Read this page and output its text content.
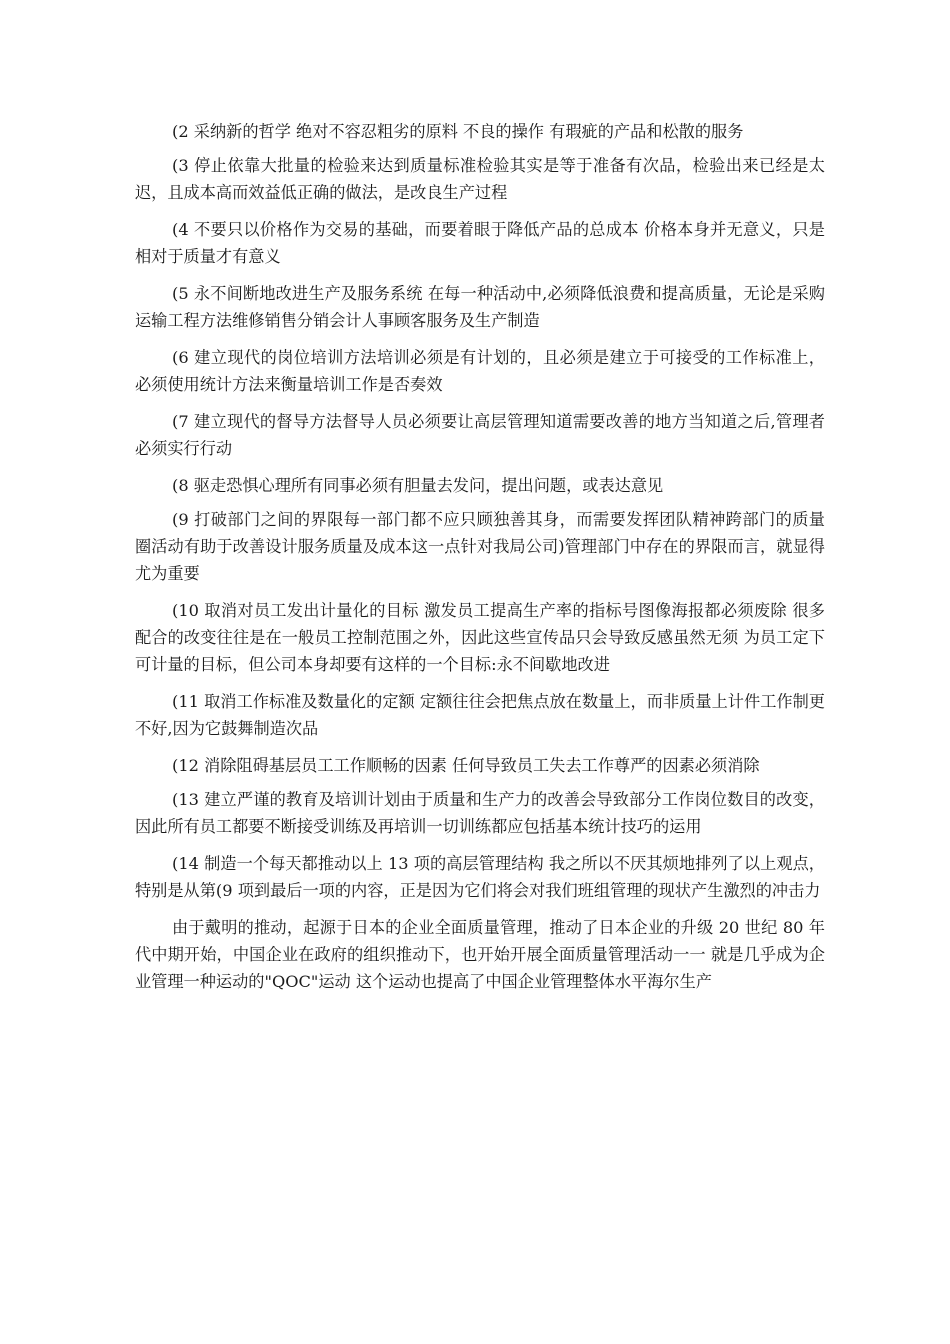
(2 采纳新的哲学 绝对不容忍粗劣的原料 不良的操作 有瑕疵的产品和松散的服务

(3 停止依靠大批量的检验来达到质量标准检验其实是等于准备有次品，检验出来已经是太迟，且成本高而效益低正确的做法，是改良生产过程

(4 不要只以价格作为交易的基础，而要着眼于降低产品的总成本 价格本身并无意义，只是相对于质量才有意义

(5 永不间断地改进生产及服务系统 在每一种活动中,必须降低浪费和提高质量，无论是采购运输工程方法维修销售分销会计人事顾客服务及生产制造

(6 建立现代的岗位培训方法培训必须是有计划的，且必须是建立于可接受的工作标准上，必须使用统计方法来衡量培训工作是否奏效

(7 建立现代的督导方法督导人员必须要让高层管理知道需要改善的地方当知道之后,管理者必须实行行动

(8 驱走恐惧心理所有同事必须有胆量去发问，提出问题，或表达意见

(9 打破部门之间的界限每一部门都不应只顾独善其身，而需要发挥团队精神跨部门的质量圈活动有助于改善设计服务质量及成本这一点针对我局公司)管理部门中存在的界限而言，就显得尤为重要

(10 取消对员工发出计量化的目标 激发员工提高生产率的指标号图像海报都必须废除 很多配合的改变往往是在一般员工控制范围之外，因此这些宣传品只会导致反感虽然无须 为员工定下可计量的目标，但公司本身却要有这样的一个目标:永不间歇地改进

(11 取消工作标准及数量化的定额 定额往往会把焦点放在数量上，而非质量上计件工作制更不好,因为它鼓舞制造次品

(12 消除阻碍基层员工工作顺畅的因素 任何导致员工失去工作尊严的因素必须消除

(13 建立严谨的教育及培训计划由于质量和生产力的改善会导致部分工作岗位数目的改变，因此所有员工都要不断接受训练及再培训一切训练都应包括基本统计技巧的运用

(14 制造一个每天都推动以上 13 项的高层管理结构 我之所以不厌其烦地排列了以上观点，特别是从第(9 项到最后一项的内容，正是因为它们将会对我们班组管理的现状产生激烈的冲击力

由于戴明的推动，起源于日本的企业全面质量管理，推动了日本企业的升级 20 世纪 80 年代中期开始，中国企业在政府的组织推动下，也开始开展全面质量管理活动一一 就是几乎成为企业管理一种运动的"QOC"运动 这个运动也提高了中国企业管理整体水平海尔生产
